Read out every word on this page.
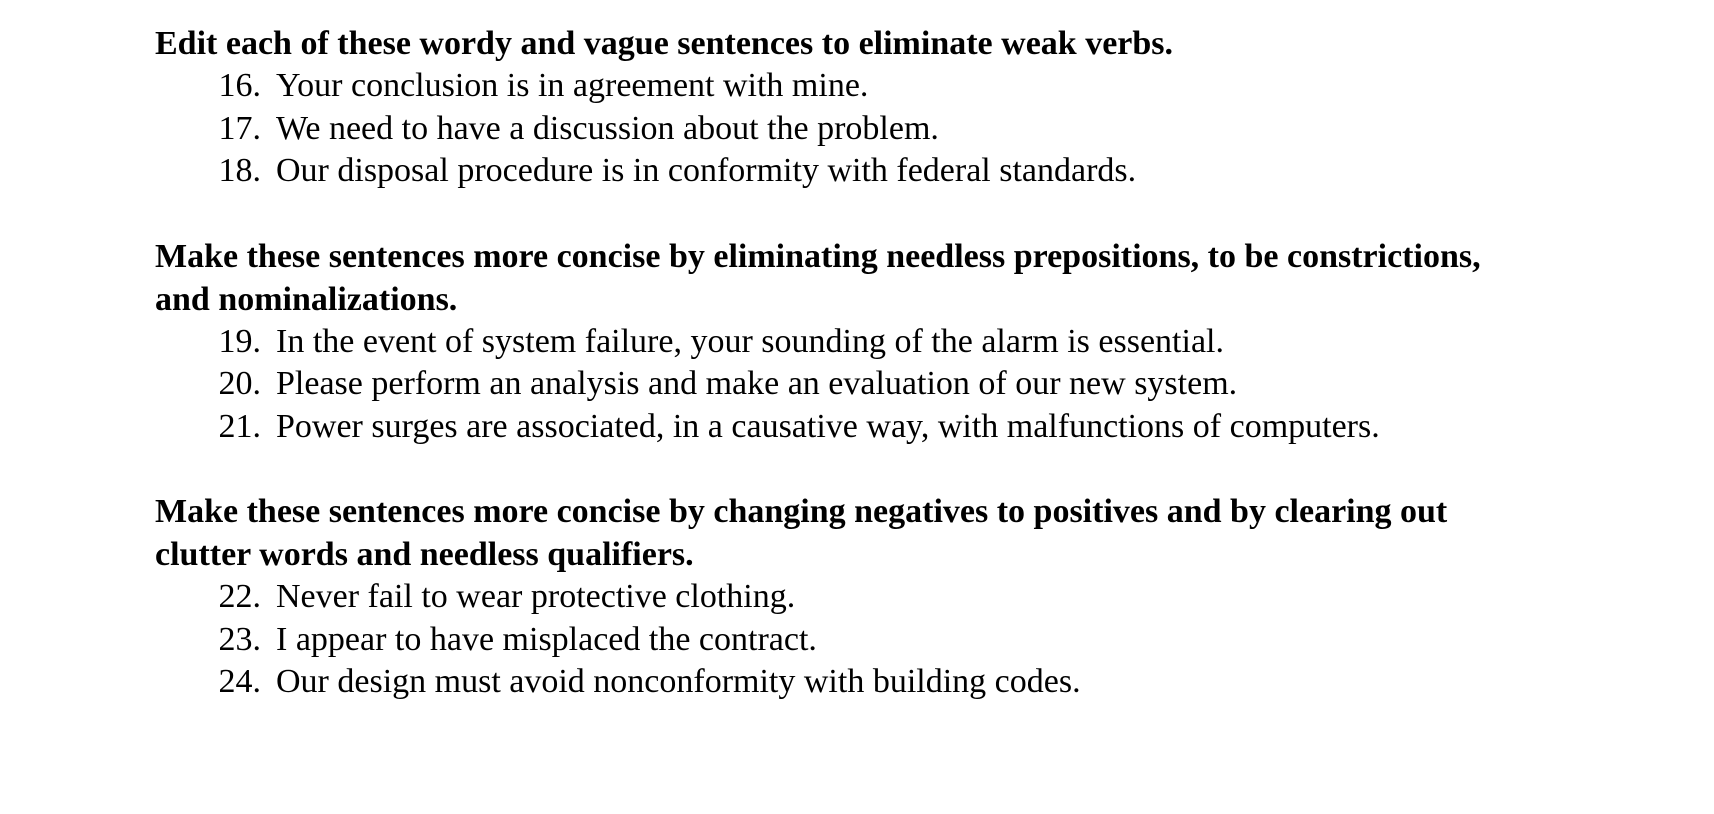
Edit each of these wordy and vague sentences to eliminate weak verbs.

16. Your conclusion is in agreement with mine.
17. We need to have a discussion about the problem.
18. Our disposal procedure is in conformity with federal standards.

Make these sentences more concise by eliminating needless prepositions, to be constrictions,
and nominalizations.

19. In the event of system failure, your sounding of the alarm is essential.
20. Please perform an analysis and make an evaluation of our new system.
21. Power surges are associated, in a causative way, with malfunctions of computers.

Make these sentences more concise by changing negatives to positives and by clearing out
clutter words and needless qualifiers.

22. Never fail to wear protective clothing.
23. I appear to have misplaced the contract.
24. Our design must avoid nonconformity with building codes.
